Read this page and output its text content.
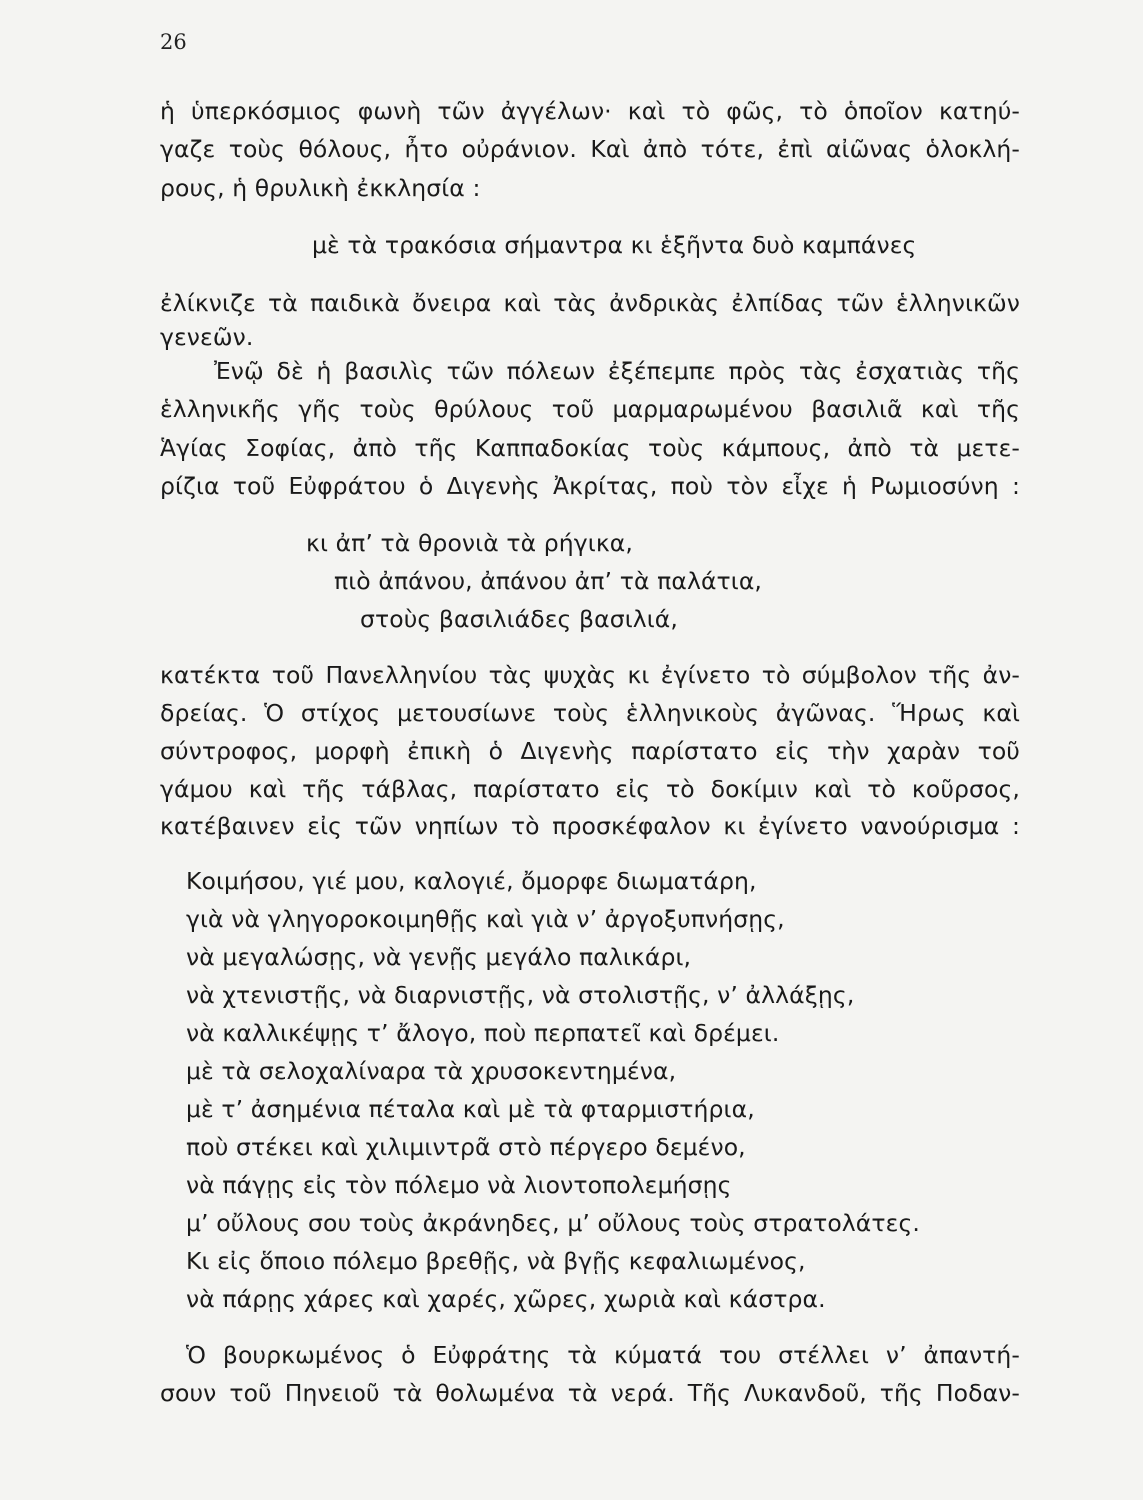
26
ἡ ὑπερκόσμιος φωνὴ τῶν ἀγγέλων· καὶ τὸ φῶς, τὸ ὁποῖον κατηύ-
γαζε τοὺς θόλους, ἦτο οὐράνιον. Καὶ ἀπὸ τότε, ἐπὶ αἰῶνας ὁλοκλή-
ρους, ἡ θρυλικὴ ἐκκλησία :
μὲ τὰ τρακόσια σήμαντρα κι ἑξῆντα δυὸ καμπάνες
ἐλίκνιζε τὰ παιδικὰ ὄνειρα καὶ τὰς ἀνδρικὰς ἐλπίδας τῶν ἑλληνικῶν
γενεῶν.
Ἐνῷ δὲ ἡ βασιλὶς τῶν πόλεων ἐξέπεμπε πρὸς τὰς ἐσχατιὰς τῆς
ἑλληνικῆς γῆς τοὺς θρύλους τοῦ μαρμαρωμένου βασιλιᾶ καὶ τῆς
Ἁγίας Σοφίας, ἀπὸ τῆς Καππαδοκίας τοὺς κάμπους, ἀπὸ τὰ μετε-
ρίζια τοῦ Εὐφράτου ὁ Διγενὴς Ἀκρίτας, ποὺ τὸν εἶχε ἡ Ρωμιοσύνη :
κι ἀπ’ τὰ θρονιὰ τὰ ρήγικα,
πιὸ ἀπάνου, ἀπάνου ἀπ’ τὰ παλάτια,
στοὺς βασιλιάδες βασιλιά,
κατέκτα τοῦ Πανελληνίου τὰς ψυχὰς κι ἐγίνετο τὸ σύμβολον τῆς ἀν-
δρείας. Ὁ στίχος μετουσίωνε τοὺς ἑλληνικοὺς ἀγῶνας. Ἥρως καὶ
σύντροφος, μορφὴ ἐπικὴ ὁ Διγενὴς παρίστατο εἰς τὴν χαρὰν τοῦ
γάμου καὶ τῆς τάβλας, παρίστατο εἰς τὸ δοκίμιν καὶ τὸ κοῦρσος,
κατέβαινεν εἰς τῶν νηπίων τὸ προσκέφαλον κι ἐγίνετο νανούρισμα :
Κοιμήσου, γιέ μου, καλογιέ, ὄμορφε διωματάρη,
γιὰ νὰ γληγοροκοιμηθῇς καὶ γιὰ ν’ ἀργοξυπνήσῃς,
νὰ μεγαλώσῃς, νὰ γενῇς μεγάλο παλικάρι,
νὰ χτενιστῇς, νὰ διαρνιστῇς, νὰ στολιστῇς, ν’ ἀλλάξῃς,
νὰ καλλικέψῃς τ’ ἄλογο, ποὺ περπατεῖ καὶ δρέμει.
μὲ τὰ σελοχαλίναρα τὰ χρυσοκεντημένα,
μὲ τ’ ἀσημένια πέταλα καὶ μὲ τὰ φταρμιστήρια,
ποὺ στέκει καὶ χιλιμιντρᾶ στὸ πέργερο δεμένο,
νὰ πάγῃς εἰς τὸν πόλεμο νὰ λιοντοπολεμήσῃς
μ’ οὔλους σου τοὺς ἀκράνηδες, μ’ οὔλους τοὺς στρατολάτες.
Κι εἰς ὅποιο πόλεμο βρεθῇς, νὰ βγῇς κεφαλιωμένος,
νὰ πάρῃς χάρες καὶ χαρές, χῶρες, χωριὰ καὶ κάστρα.
Ὁ βουρκωμένος ὁ Εὐφράτης τὰ κύματά του στέλλει ν’ ἀπαντή-
σουν τοῦ Πηνειοῦ τὰ θολωμένα τὰ νερά. Τῆς Λυκανδοῦ, τῆς Ποδαν-
